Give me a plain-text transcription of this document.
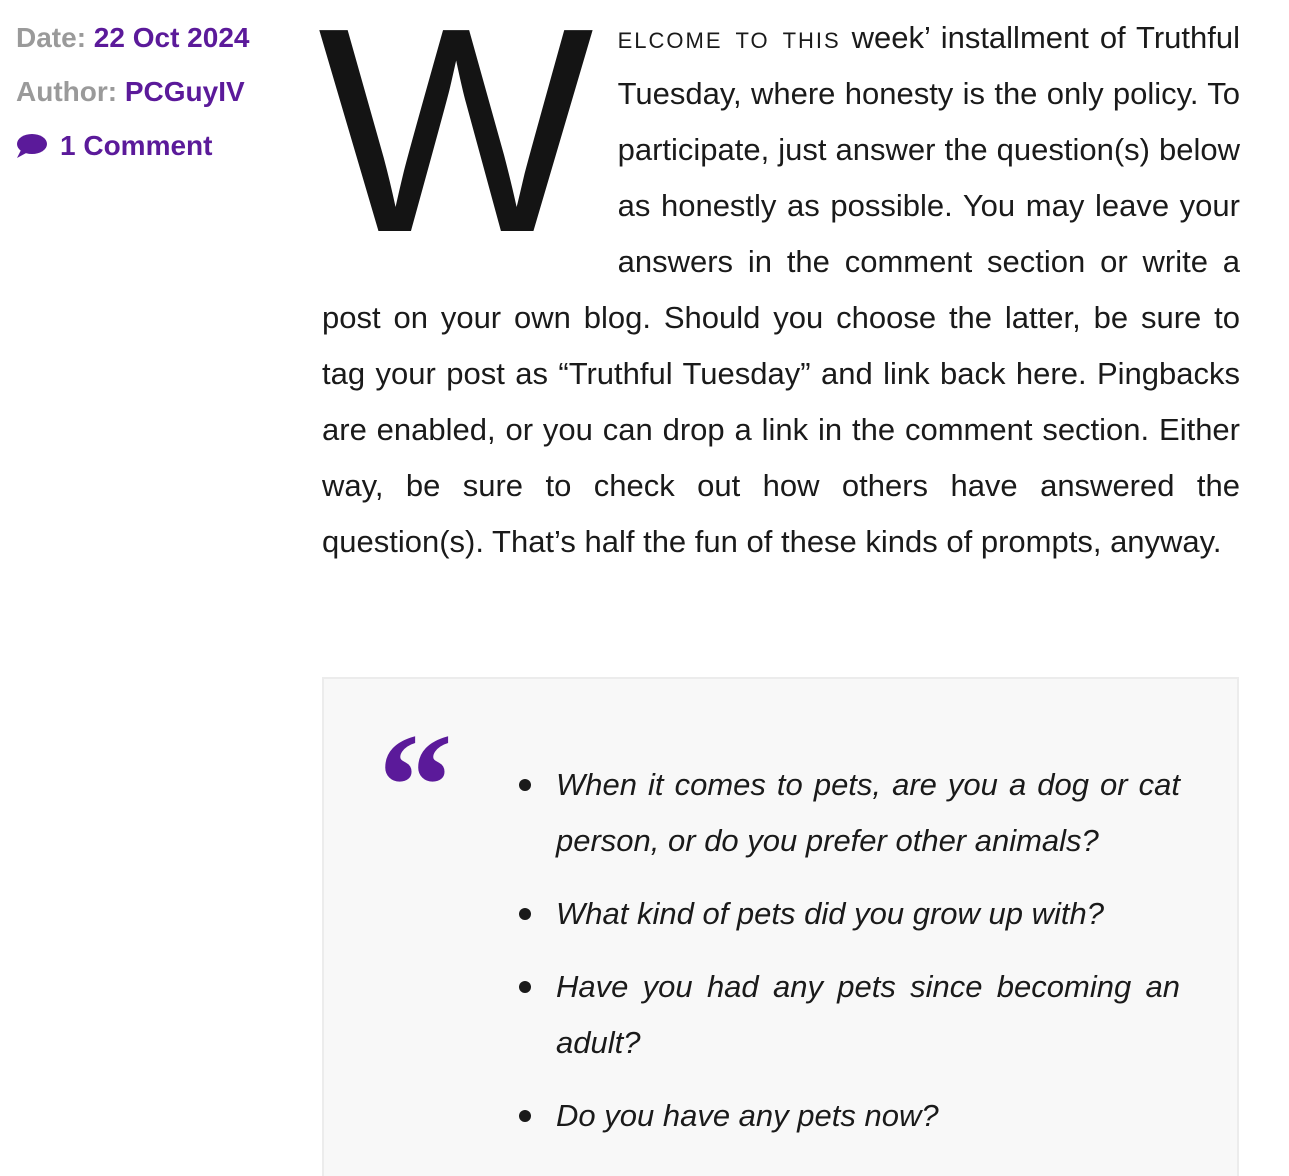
Date: 22 Oct 2024
Author: PCGuyIV
1 Comment Welcome to this week’ installment of Truthful Tuesday, where honesty is the only policy. To participate, just answer the question(s) below as honestly as possible. You may leave your answers in the comment section or write a post on your own blog. Should you choose the latter, be sure to tag your post as “Truthful Tuesday” and link back here. Pingbacks are enabled, or you can drop a link in the comment section. Either way, be sure to check out how others have answered the question(s). That’s half the fun of these kinds of prompts, anyway.

“	When it comes to pets, are you a dog or cat person, or do you prefer other animals?
What kind of pets did you grow up with?
Have you had any pets since becoming an adult?
Do you have any pets now?
